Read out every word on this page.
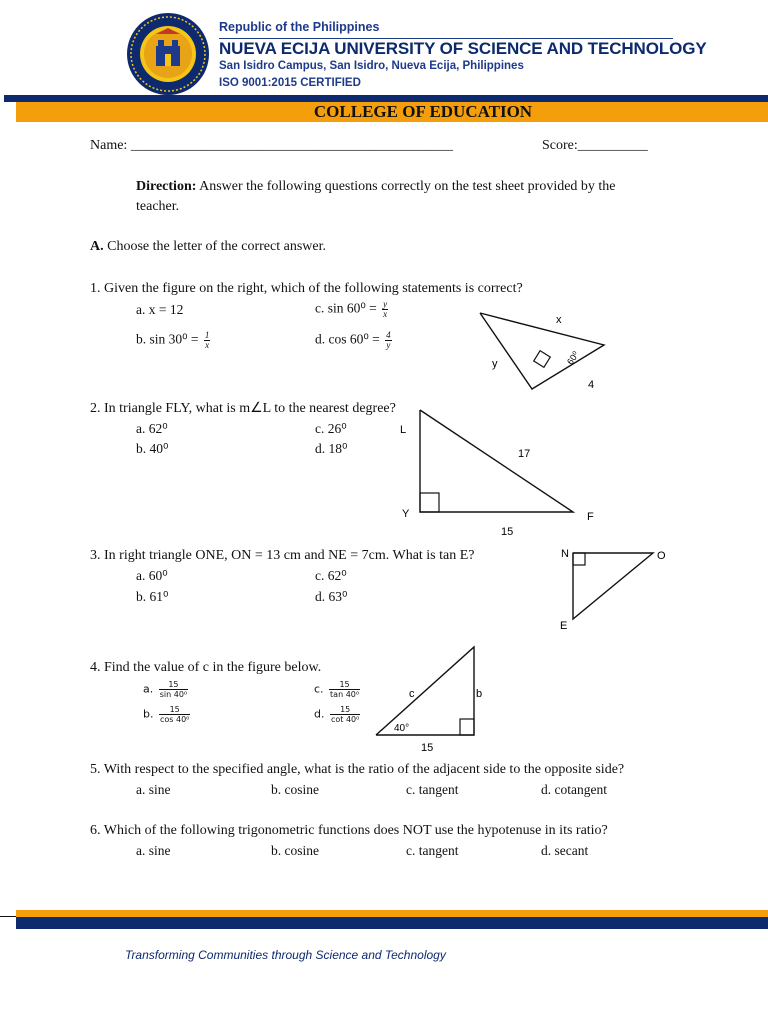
Republic of the Philippines
NUEVA ECIJA UNIVERSITY OF SCIENCE AND TECHNOLOGY
San Isidro Campus, San Isidro, Nueva Ecija, Philippines
ISO 9001:2015 CERTIFIED
COLLEGE OF EDUCATION
Name: ______________________________________________	Score:__________
Direction: Answer the following questions correctly on the test sheet provided by the
teacher.
A. Choose the letter of the correct answer.
1. Given the figure on the right, which of the following statements is correct?
a. x = 12	c. $\sin 60^0 = \frac{y}{x}$
b. $\sin 30^0 = \frac{1}{x}$	d. $\cos 60^0 = \frac{4}{y}$
x
y
4
60⁰
2. In triangle FLY, what is m∠L to the nearest degree?
a. 62⁰	c. 26⁰
b. 40⁰	d. 18⁰
L
Y	F
17
15
3. In right triangle ONE, ON = 13 cm and NE = 7cm. What is tan E?
a. 60⁰	c. 62⁰
b. 61⁰	d. 63⁰
N	O
E
4. Find the value of c in the figure below.
a. $\frac{15}{\text{sin 40⁰}}$
b. $\frac{15}{\text{cos 40⁰}}$
c. $\frac{15}{\text{tan 40⁰}}$
d. $\frac{15}{\text{cot 40⁰}}$
c	b
40°
15
5. With respect to the specified angle, what is the ratio of the adjacent side to the opposite side?
a. sine	b. cosine	c. tangent	d. cotangent
6. Which of the following trigonometric functions does NOT use the hypotenuse in its ratio?
a. sine	b. cosine	c. tangent	d. secant
Transforming Communities through Science and Technology
